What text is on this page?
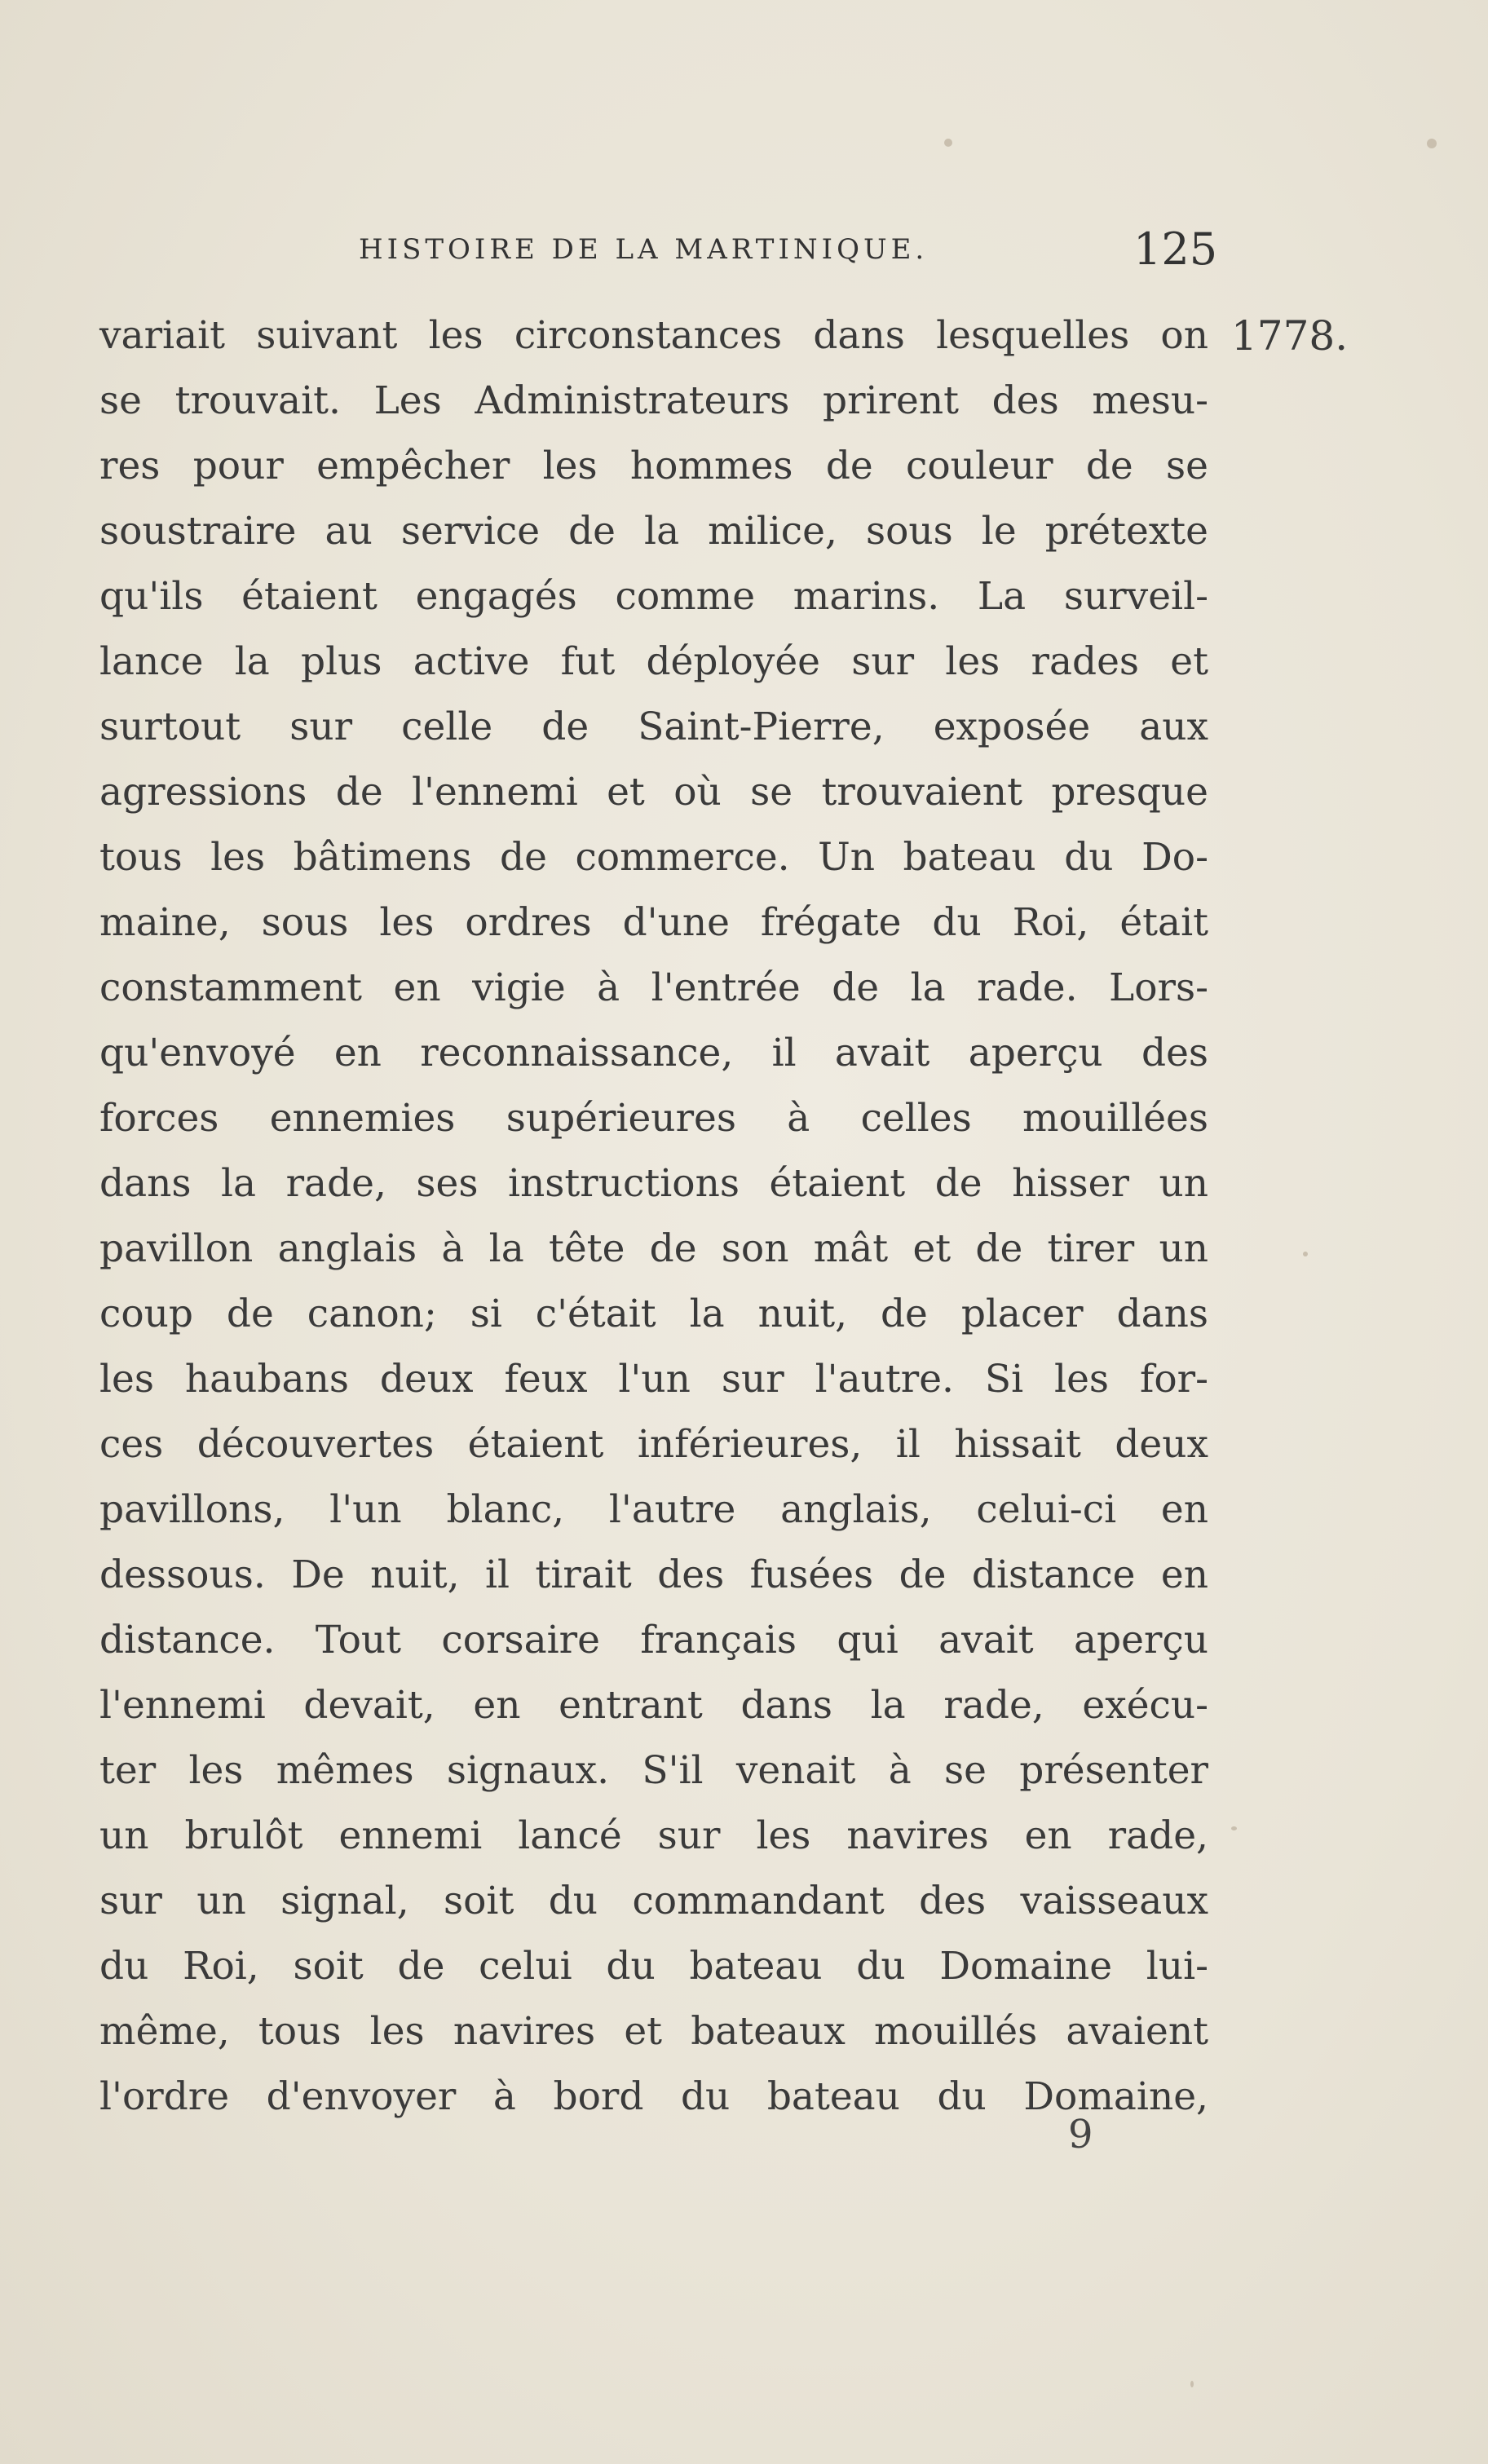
HISTOIRE DE LA MARTINIQUE.	125
1778.
variait suivant les circonstances dans lesquelles on
se trouvait. Les Administrateurs prirent des mesu-
res pour empêcher les hommes de couleur de se
soustraire au service de la milice, sous le prétexte
qu'ils étaient engagés comme marins. La surveil-
lance la plus active fut déployée sur les rades et
surtout sur celle de Saint-Pierre, exposée aux
agressions de l'ennemi et où se trouvaient presque
tous les bâtimens de commerce. Un bateau du Do-
maine, sous les ordres d'une frégate du Roi, était
constamment en vigie à l'entrée de la rade. Lors-
qu'envoyé en reconnaissance, il avait aperçu des
forces ennemies supérieures à celles mouillées
dans la rade, ses instructions étaient de hisser un
pavillon anglais à la tête de son mât et de tirer un
coup de canon; si c'était la nuit, de placer dans
les haubans deux feux l'un sur l'autre. Si les for-
ces découvertes étaient inférieures, il hissait deux
pavillons, l'un blanc, l'autre anglais, celui-ci en
dessous. De nuit, il tirait des fusées de distance en
distance. Tout corsaire français qui avait aperçu
l'ennemi devait, en entrant dans la rade, exécu-
ter les mêmes signaux. S'il venait à se présenter
un brulôt ennemi lancé sur les navires en rade,
sur un signal, soit du commandant des vaisseaux
du Roi, soit de celui du bateau du Domaine lui-
même, tous les navires et bateaux mouillés avaient
l'ordre d'envoyer à bord du bateau du Domaine,
9
